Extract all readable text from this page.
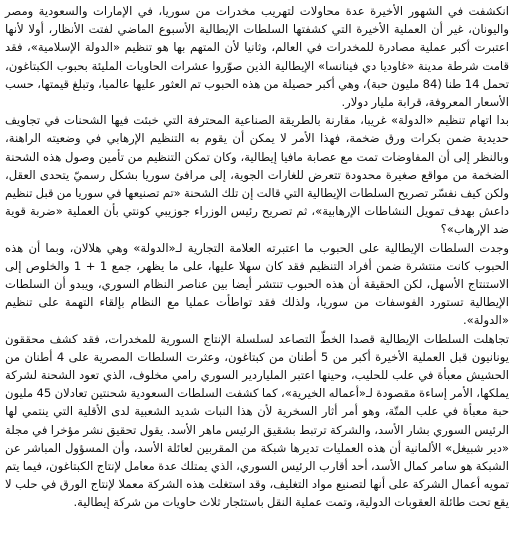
انكشفت في الشهور الأخيرة عدة محاولات لتهريب مخدرات من سوريا، في الإمارات والسعودية ومصر واليونان، غير أن العملية الأخيرة التي كشفتها السلطات الإيطالية الأسبوع الماضي لفتت الأنظار، أولا لأنها اعتبرت أكبر عملية مصادرة للمخدرات في العالم، وثانيا لأن المتهم بها هو تنظيم «الدولة الإسلامية»، فقد قامت شرطة مدينة «غاوديا دي فينانسا» الإيطالية الذين صوّروا عشرات الحاويات المليئة بحبوب الكبتاغون، تحمل 14 طنا (84 مليون حبة)، وهي أكبر حصيلة من هذه الحبوب تم العثور عليها عالميا، وتبلغ قيمتها، حسب الأسعار المعروفة، قرابة مليار دولار.

بدا اتهام تنظيم «الدولة» غريبا، مقارنة بالطريقة الصناعية المحترفة التي خبئت فيها الشحنات في تجاويف حديدية ضمن بكرات ورق ضخمة، فهذا الأمر لا يمكن أن يقوم به التنظيم الإرهابي في وضعيته الراهنة، وبالنظر إلى أن المفاوضات تمت مع عصابة مافيا إيطالية، وكان تمكن التنظيم من تأمين وصول هذه الشحنة الضخمة من مواقع صغيرة محدودة تتعرض للغارات الجوية، إلى مرافئ سوريا بشكل رسميّ يتحدى العقل، ولكن كيف نفسّر تصريح السلطات الإيطالية التي قالت إن تلك الشحنة «تم تصنيعها في سوريا من قبل تنظيم داعش بهدف تمويل النشاطات الإرهابية»، ثم تصريح رئيس الوزراء جوزيبي كونتي بأن العملية «ضربة قوية ضد الإرهاب»؟

وجدت السلطات الإيطالية على الحبوب ما اعتبرته العلامة التجارية لـ«الدولة» وهي هلالان، وبما أن هذه الحبوب كانت منتشرة ضمن أفراد التنظيم فقد كان سهلا عليها، على ما يظهر، جمع 1 + 1 والخلوص إلى الاستنتاج الأسهل، لكن الحقيقة أن هذه الحبوب تنتشر أيضا بين عناصر النظام السوري، ويبدو أن السلطات الإيطالية تستورد الفوسفات من سوريا، ولذلك فقد تواطأت عمليا مع النظام بإلقاء التهمة على تنظيم «الدولة».

تجاهلت السلطات الإيطالية قصدا الخطّ التصاعد لسلسلة الإنتاج السورية للمخدرات، فقد كشف محققون يونانيون قبل العملية الأخيرة أكبر من 5 أطنان من كبتاغون، وعثرت السلطات المصرية على 4 أطنان من الحشيش معبأة في علب للحليب، وحينها اعتبر الملياردير السوري رامي مخلوف، الذي تعود الشحنة لشركة يملكها، الأمر إساءة مقصودة لـ«أعماله الخيرية»، كما كشفت السلطات السعودية شحنتين تعادلان 45 مليون حبة معبأة في علب المتّة، وهو أمر أثار السخرية لأن هذا النبات شديد الشعبية لدى الأقلية التي ينتمي لها الرئيس السوري بشار الأسد، والشركة ترتبط بشقيق الرئيس ماهر الأسد. يقول تحقيق نشر مؤخرا في مجلة «دير شبيغل» الألمانية أن هذه العمليات تديرها شبكة من المقربين لعائلة الأسد، وأن المسؤول المباشر عن الشبكة هو سامر كمال الأسد، أحد أقارب الرئيس السوري، الذي يمتلك عدة معامل لإنتاج الكبتاغون، فيما يتم تمويه أعمال الشركة على أنها لتصنيع مواد التغليف، وقد استغلت هذه الشركة معملا لإنتاج الورق في حلب لا يقع تحت طائلة العقوبات الدولية، وتمت عملية النقل باستئجار ثلاث حاويات من شركة إيطالية.
